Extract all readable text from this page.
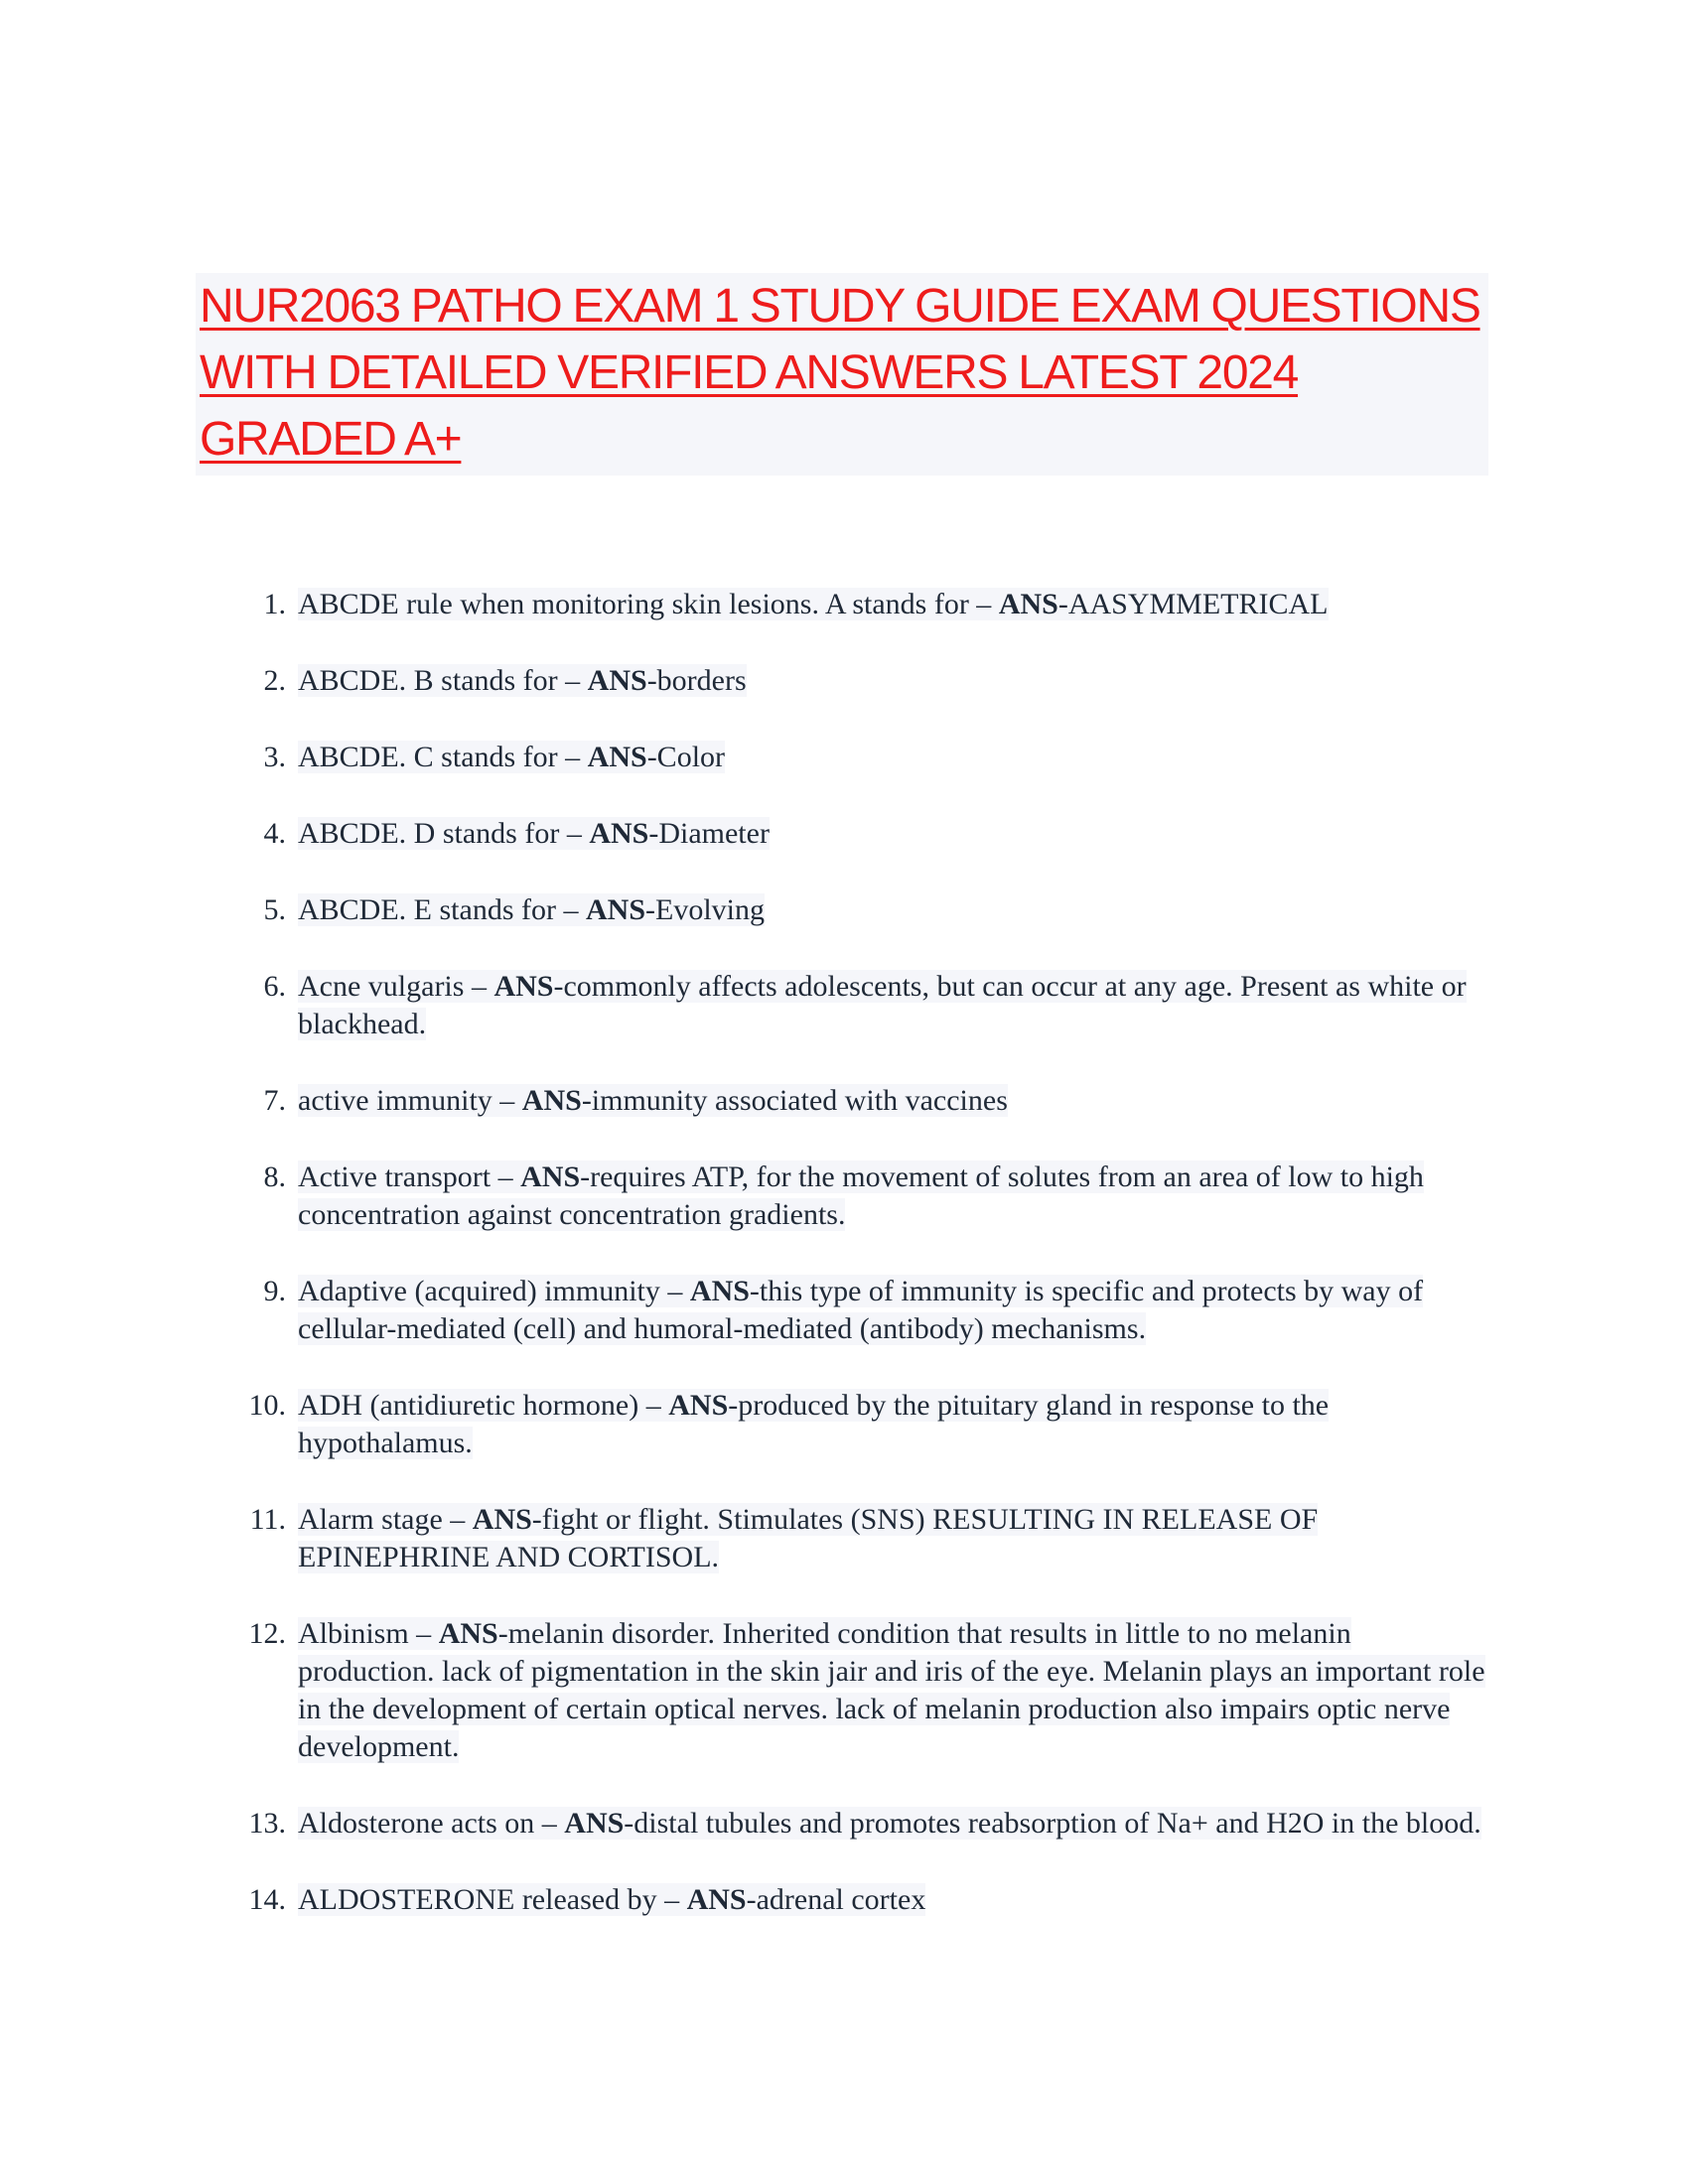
NUR2063 PATHO EXAM 1 STUDY GUIDE EXAM QUESTIONS WITH DETAILED VERIFIED ANSWERS LATEST 2024 GRADED A+
1. ABCDE rule when monitoring skin lesions. A stands for – ANS-AASYMMETRICAL
2. ABCDE. B stands for – ANS-borders
3. ABCDE. C stands for – ANS-Color
4. ABCDE. D stands for – ANS-Diameter
5. ABCDE. E stands for – ANS-Evolving
6. Acne vulgaris – ANS-commonly affects adolescents, but can occur at any age. Present as white or blackhead.
7. active immunity – ANS-immunity associated with vaccines
8. Active transport – ANS-requires ATP, for the movement of solutes from an area of low to high concentration against concentration gradients.
9. Adaptive (acquired) immunity – ANS-this type of immunity is specific and protects by way of cellular-mediated (cell) and humoral-mediated (antibody) mechanisms.
10. ADH (antidiuretic hormone) – ANS-produced by the pituitary gland in response to the hypothalamus.
11. Alarm stage – ANS-fight or flight. Stimulates (SNS) RESULTING IN RELEASE OF EPINEPHRINE AND CORTISOL.
12. Albinism – ANS-melanin disorder. Inherited condition that results in little to no melanin production. lack of pigmentation in the skin jair and iris of the eye. Melanin plays an important role in the development of certain optical nerves. lack of melanin production also impairs optic nerve development.
13. Aldosterone acts on – ANS-distal tubules and promotes reabsorption of Na+ and H2O in the blood.
14. ALDOSTERONE released by – ANS-adrenal cortex
